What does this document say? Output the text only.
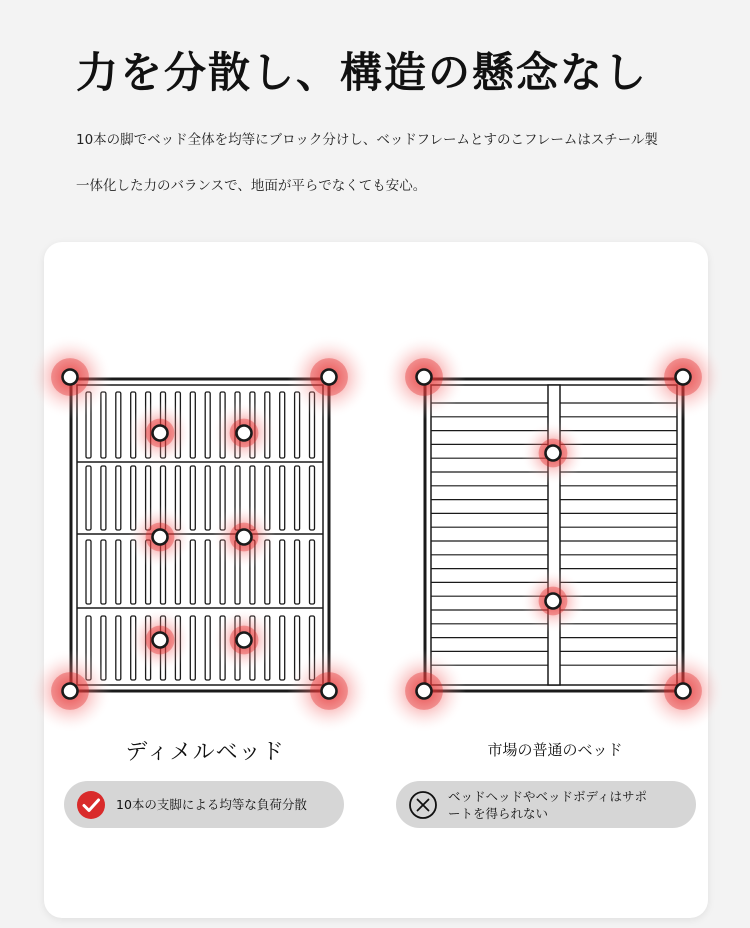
力を分散し、構造の懸念なし
10本の脚でベッド全体を均等にブロック分けし、ベッドフレームとすのこフレームはスチール製
一体化した力のバランスで、地面が平らでなくても安心。
ディメルベッド	市場の普通のベッド
10本の支脚による均等な負荷分散
ベッドヘッドやベッドボディはサポ
ートを得られない
